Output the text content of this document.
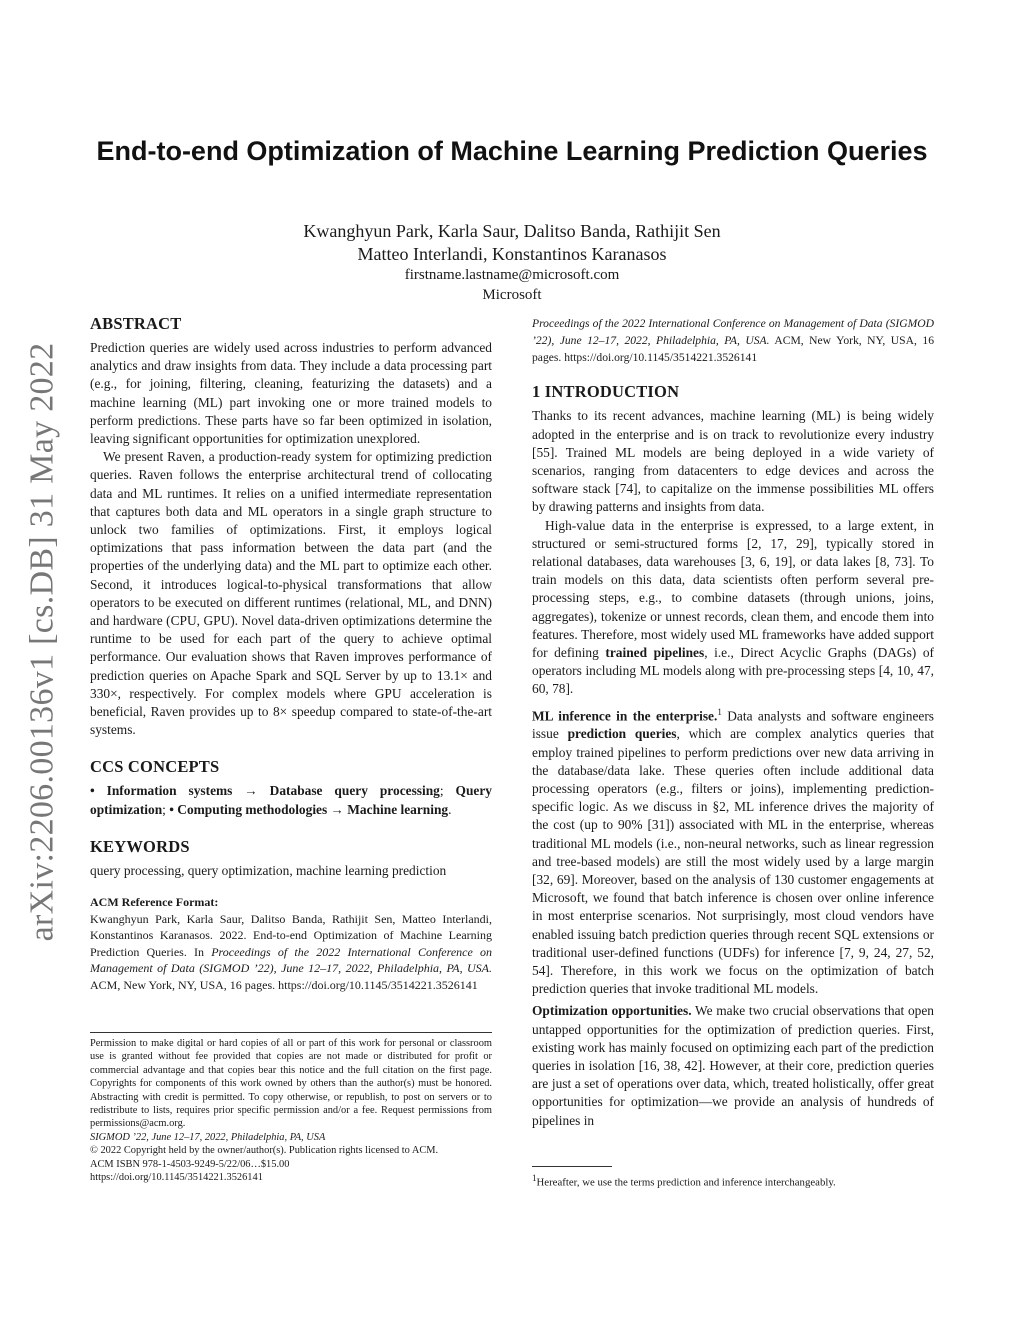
arXiv:2206.00136v1 [cs.DB] 31 May 2022
End-to-end Optimization of Machine Learning Prediction Queries
Kwanghyun Park, Karla Saur, Dalitso Banda, Rathijit Sen
Matteo Interlandi, Konstantinos Karanasos
firstname.lastname@microsoft.com
Microsoft
ABSTRACT

Prediction queries are widely used across industries to perform advanced analytics and draw insights from data. They include a data processing part (e.g., for joining, filtering, cleaning, featurizing the datasets) and a machine learning (ML) part invoking one or more trained models to perform predictions. These parts have so far been optimized in isolation, leaving significant opportunities for optimization unexplored.

We present Raven, a production-ready system for optimizing prediction queries. Raven follows the enterprise architectural trend of collocating data and ML runtimes. It relies on a unified intermediate representation that captures both data and ML operators in a single graph structure to unlock two families of optimizations. First, it employs logical optimizations that pass information between the data part (and the properties of the underlying data) and the ML part to optimize each other. Second, it introduces logical-to-physical transformations that allow operators to be executed on different runtimes (relational, ML, and DNN) and hardware (CPU, GPU). Novel data-driven optimizations determine the runtime to be used for each part of the query to achieve optimal performance. Our evaluation shows that Raven improves performance of prediction queries on Apache Spark and SQL Server by up to 13.1× and 330×, respectively. For complex models where GPU acceleration is beneficial, Raven provides up to 8× speedup compared to state-of-the-art systems.

CCS CONCEPTS

• Information systems → Database query processing; Query optimization; • Computing methodologies → Machine learning.

KEYWORDS

query processing, query optimization, machine learning prediction

ACM Reference Format:
Kwanghyun Park, Karla Saur, Dalitso Banda, Rathijit Sen, Matteo Interlandi, Konstantinos Karanasos. 2022. End-to-end Optimization of Machine Learning Prediction Queries. In Proceedings of the 2022 International Conference on Management of Data (SIGMOD ’22), June 12–17, 2022, Philadelphia, PA, USA. ACM, New York, NY, USA, 16 pages. https://doi.org/10.1145/3514221.3526141

Permission to make digital or hard copies of all or part of this work for personal or classroom use is granted without fee provided that copies are not made or distributed for profit or commercial advantage and that copies bear this notice and the full citation on the first page. Copyrights for components of this work owned by others than the author(s) must be honored. Abstracting with credit is permitted. To copy otherwise, or republish, to post on servers or to redistribute to lists, requires prior specific permission and/or a fee. Request permissions from permissions@acm.org.

SIGMOD ’22, June 12–17, 2022, Philadelphia, PA, USA

© 2022 Copyright held by the owner/author(s). Publication rights licensed to ACM.

ACM ISBN 978-1-4503-9249-5/22/06…$15.00

https://doi.org/10.1145/3514221.3526141

Proceedings of the 2022 International Conference on Management of Data (SIGMOD ’22), June 12–17, 2022, Philadelphia, PA, USA. ACM, New York, NY, USA, 16 pages. https://doi.org/10.1145/3514221.3526141

1 INTRODUCTION

Thanks to its recent advances, machine learning (ML) is being widely adopted in the enterprise and is on track to revolutionize every industry [55]. Trained ML models are being deployed in a wide variety of scenarios, ranging from datacenters to edge devices and across the software stack [74], to capitalize on the immense possibilities ML offers by drawing patterns and insights from data.

High-value data in the enterprise is expressed, to a large extent, in structured or semi-structured forms [2, 17, 29], typically stored in relational databases, data warehouses [3, 6, 19], or data lakes [8, 73]. To train models on this data, data scientists often perform several pre-processing steps, e.g., to combine datasets (through unions, joins, aggregates), tokenize or unnest records, clean them, and encode them into features. Therefore, most widely used ML frameworks have added support for defining trained pipelines, i.e., Direct Acyclic Graphs (DAGs) of operators including ML models along with pre-processing steps [4, 10, 47, 60, 78].

ML inference in the enterprise.$^1$ Data analysts and software engineers issue prediction queries, which are complex analytics queries that employ trained pipelines to perform predictions over new data arriving in the database/data lake. These queries often include additional data processing operators (e.g., filters or joins), implementing prediction-specific logic. As we discuss in §2, ML inference drives the majority of the cost (up to 90% [31]) associated with ML in the enterprise, whereas traditional ML models (i.e., non-neural networks, such as linear regression and tree-based models) are still the most widely used by a large margin [32, 69]. Moreover, based on the analysis of 130 customer engagements at Microsoft, we found that batch inference is chosen over online inference in most enterprise scenarios. Not surprisingly, most cloud vendors have enabled issuing batch prediction queries through recent SQL extensions or traditional user-defined functions (UDFs) for inference [7, 9, 24, 27, 52, 54]. Therefore, in this work we focus on the optimization of batch prediction queries that invoke traditional ML models.

Optimization opportunities. We make two crucial observations that open untapped opportunities for the optimization of prediction queries. First, existing work has mainly focused on optimizing each part of the prediction queries in isolation [16, 38, 42]. However, at their core, prediction queries are just a set of operations over data, which, treated holistically, offer great opportunities for optimization—we provide an analysis of hundreds of pipelines in

$^1$Hereafter, we use the terms prediction and inference interchangeably.
